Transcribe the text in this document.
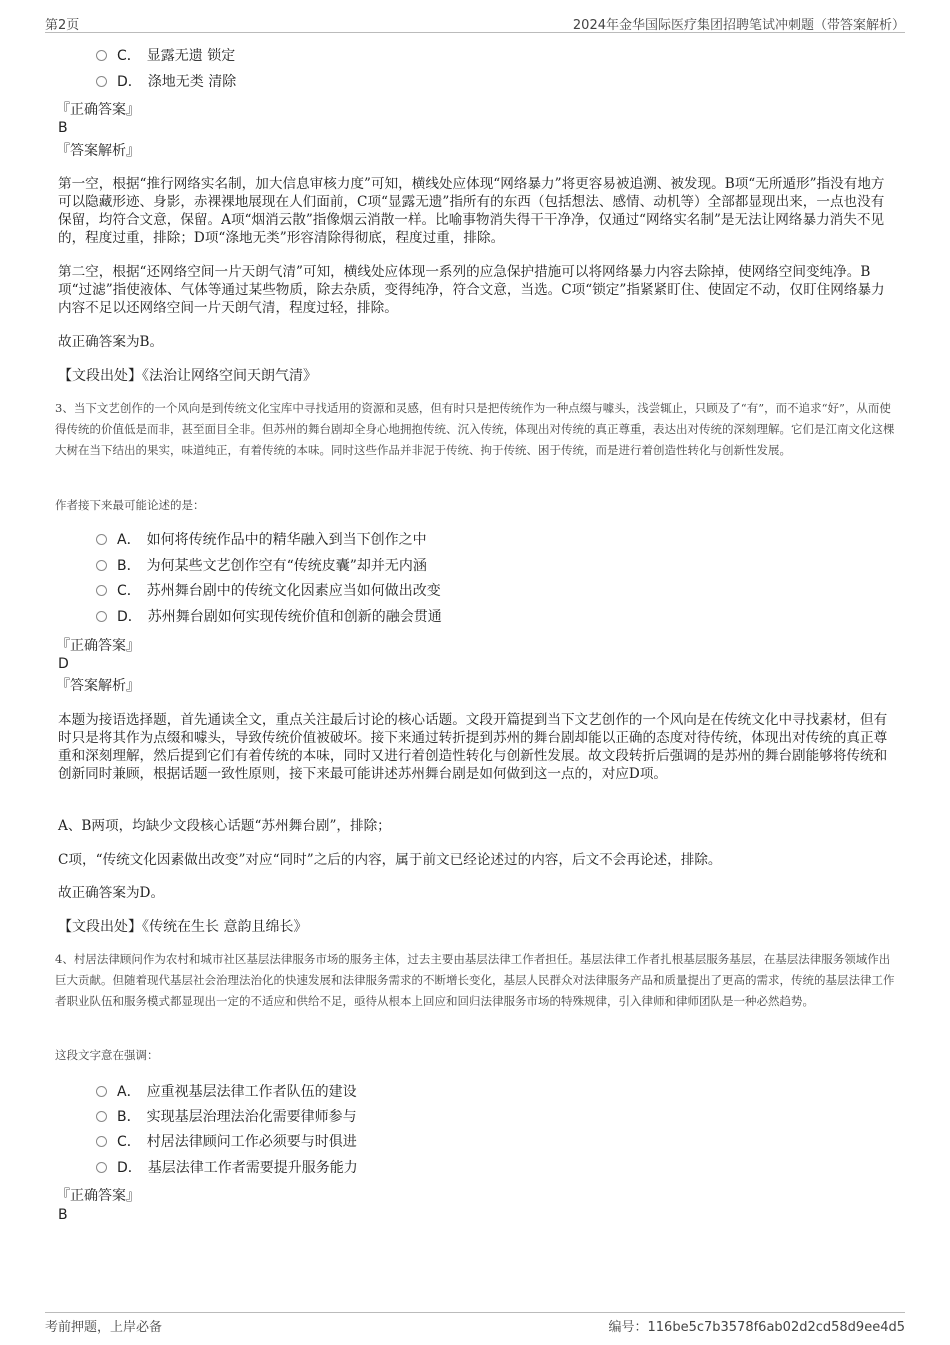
第2页	2024年金华国际医疗集团招聘笔试冲刺题（带答案解析）
C． 显露无遗 锁定
D． 涤地无类 清除
『正确答案』
B
『答案解析』
第一空，根据“推行网络实名制，加大信息审核力度”可知，横线处应体现“网络暴力”将更容易被追溯、被发现。B项“无所遁形”指没有地方可以隐藏形迹、身影，赤裸裸地展现在人们面前，C项“显露无遗”指所有的东西（包括想法、感情、动机等）全部都显现出来，一点也没有保留，均符合文意，保留。A项“烟消云散”指像烟云消散一样。比喻事物消失得干干净净，仅通过“网络实名制”是无法让网络暴力消失不见的，程度过重，排除；D项“涤地无类”形容清除得彻底，程度过重，排除。
第二空，根据“还网络空间一片天朗气清”可知，横线处应体现一系列的应急保护措施可以将网络暴力内容去除掉，使网络空间变纯净。B项“过滤”指使液体、气体等通过某些物质，除去杂质，变得纯净，符合文意，当选。C项“锁定”指紧紧盯住、使固定不动，仅盯住网络暴力内容不足以还网络空间一片天朗气清，程度过轻，排除。
故正确答案为B。
【文段出处】《法治让网络空间天朗气清》
3、当下文艺创作的一个风向是到传统文化宝库中寻找适用的资源和灵感，但有时只是把传统作为一种点缀与噱头，浅尝辄止，只顾及了“有”，而不追求“好”，从而使得传统的价值低是而非，甚至面目全非。但苏州的舞台剧却全身心地拥抱传统、沉入传统，体现出对传统的真正尊重，表达出对传统的深刻理解。它们是江南文化这棵大树在当下结出的果实，味道纯正，有着传统的本味。同时这些作品并非泥于传统、拘于传统、困于传统，而是进行着创造性转化与创新性发展。
作者接下来最可能论述的是：
A． 如何将传统作品中的精华融入到当下创作之中
B． 为何某些文艺创作空有“传统皮囊”却并无内涵
C． 苏州舞台剧中的传统文化因素应当如何做出改变
D． 苏州舞台剧如何实现传统价值和创新的融会贯通
『正确答案』
D
『答案解析』
本题为接语选择题，首先通读全文，重点关注最后讨论的核心话题。文段开篇提到当下文艺创作的一个风向是在传统文化中寻找素材，但有时只是将其作为点缀和噱头，导致传统价值被破坏。接下来通过转折提到苏州的舞台剧却能以正确的态度对待传统，体现出对传统的真正尊重和深刻理解，然后提到它们有着传统的本味，同时又进行着创造性转化与创新性发展。故文段转折后强调的是苏州的舞台剧能够将传统和创新同时兼顾，根据话题一致性原则，接下来最可能讲述苏州舞台剧是如何做到这一点的，对应D项。
A、B两项，均缺少文段核心话题“苏州舞台剧”，排除；
C项，“传统文化因素做出改变”对应“同时”之后的内容，属于前文已经论述过的内容，后文不会再论述，排除。
故正确答案为D。
【文段出处】《传统在生长 意韵且绵长》
4、村居法律顾问作为农村和城市社区基层法律服务市场的服务主体，过去主要由基层法律工作者担任。基层法律工作者扎根基层服务基层，在基层法律服务领域作出巨大贡献。但随着现代基层社会治理法治化的快速发展和法律服务需求的不断增长变化，基层人民群众对法律服务产品和质量提出了更高的需求，传统的基层法律工作者职业队伍和服务模式都显现出一定的不适应和供给不足，亟待从根本上回应和回归法律服务市场的特殊规律，引入律师和律师团队是一种必然趋势。
这段文字意在强调：
A． 应重视基层法律工作者队伍的建设
B． 实现基层治理法治化需要律师参与
C． 村居法律顾问工作必须要与时俱进
D． 基层法律工作者需要提升服务能力
『正确答案』
B
考前押题，上岸必备	编号：116be5c7b3578f6ab02d2cd58d9ee4d5
